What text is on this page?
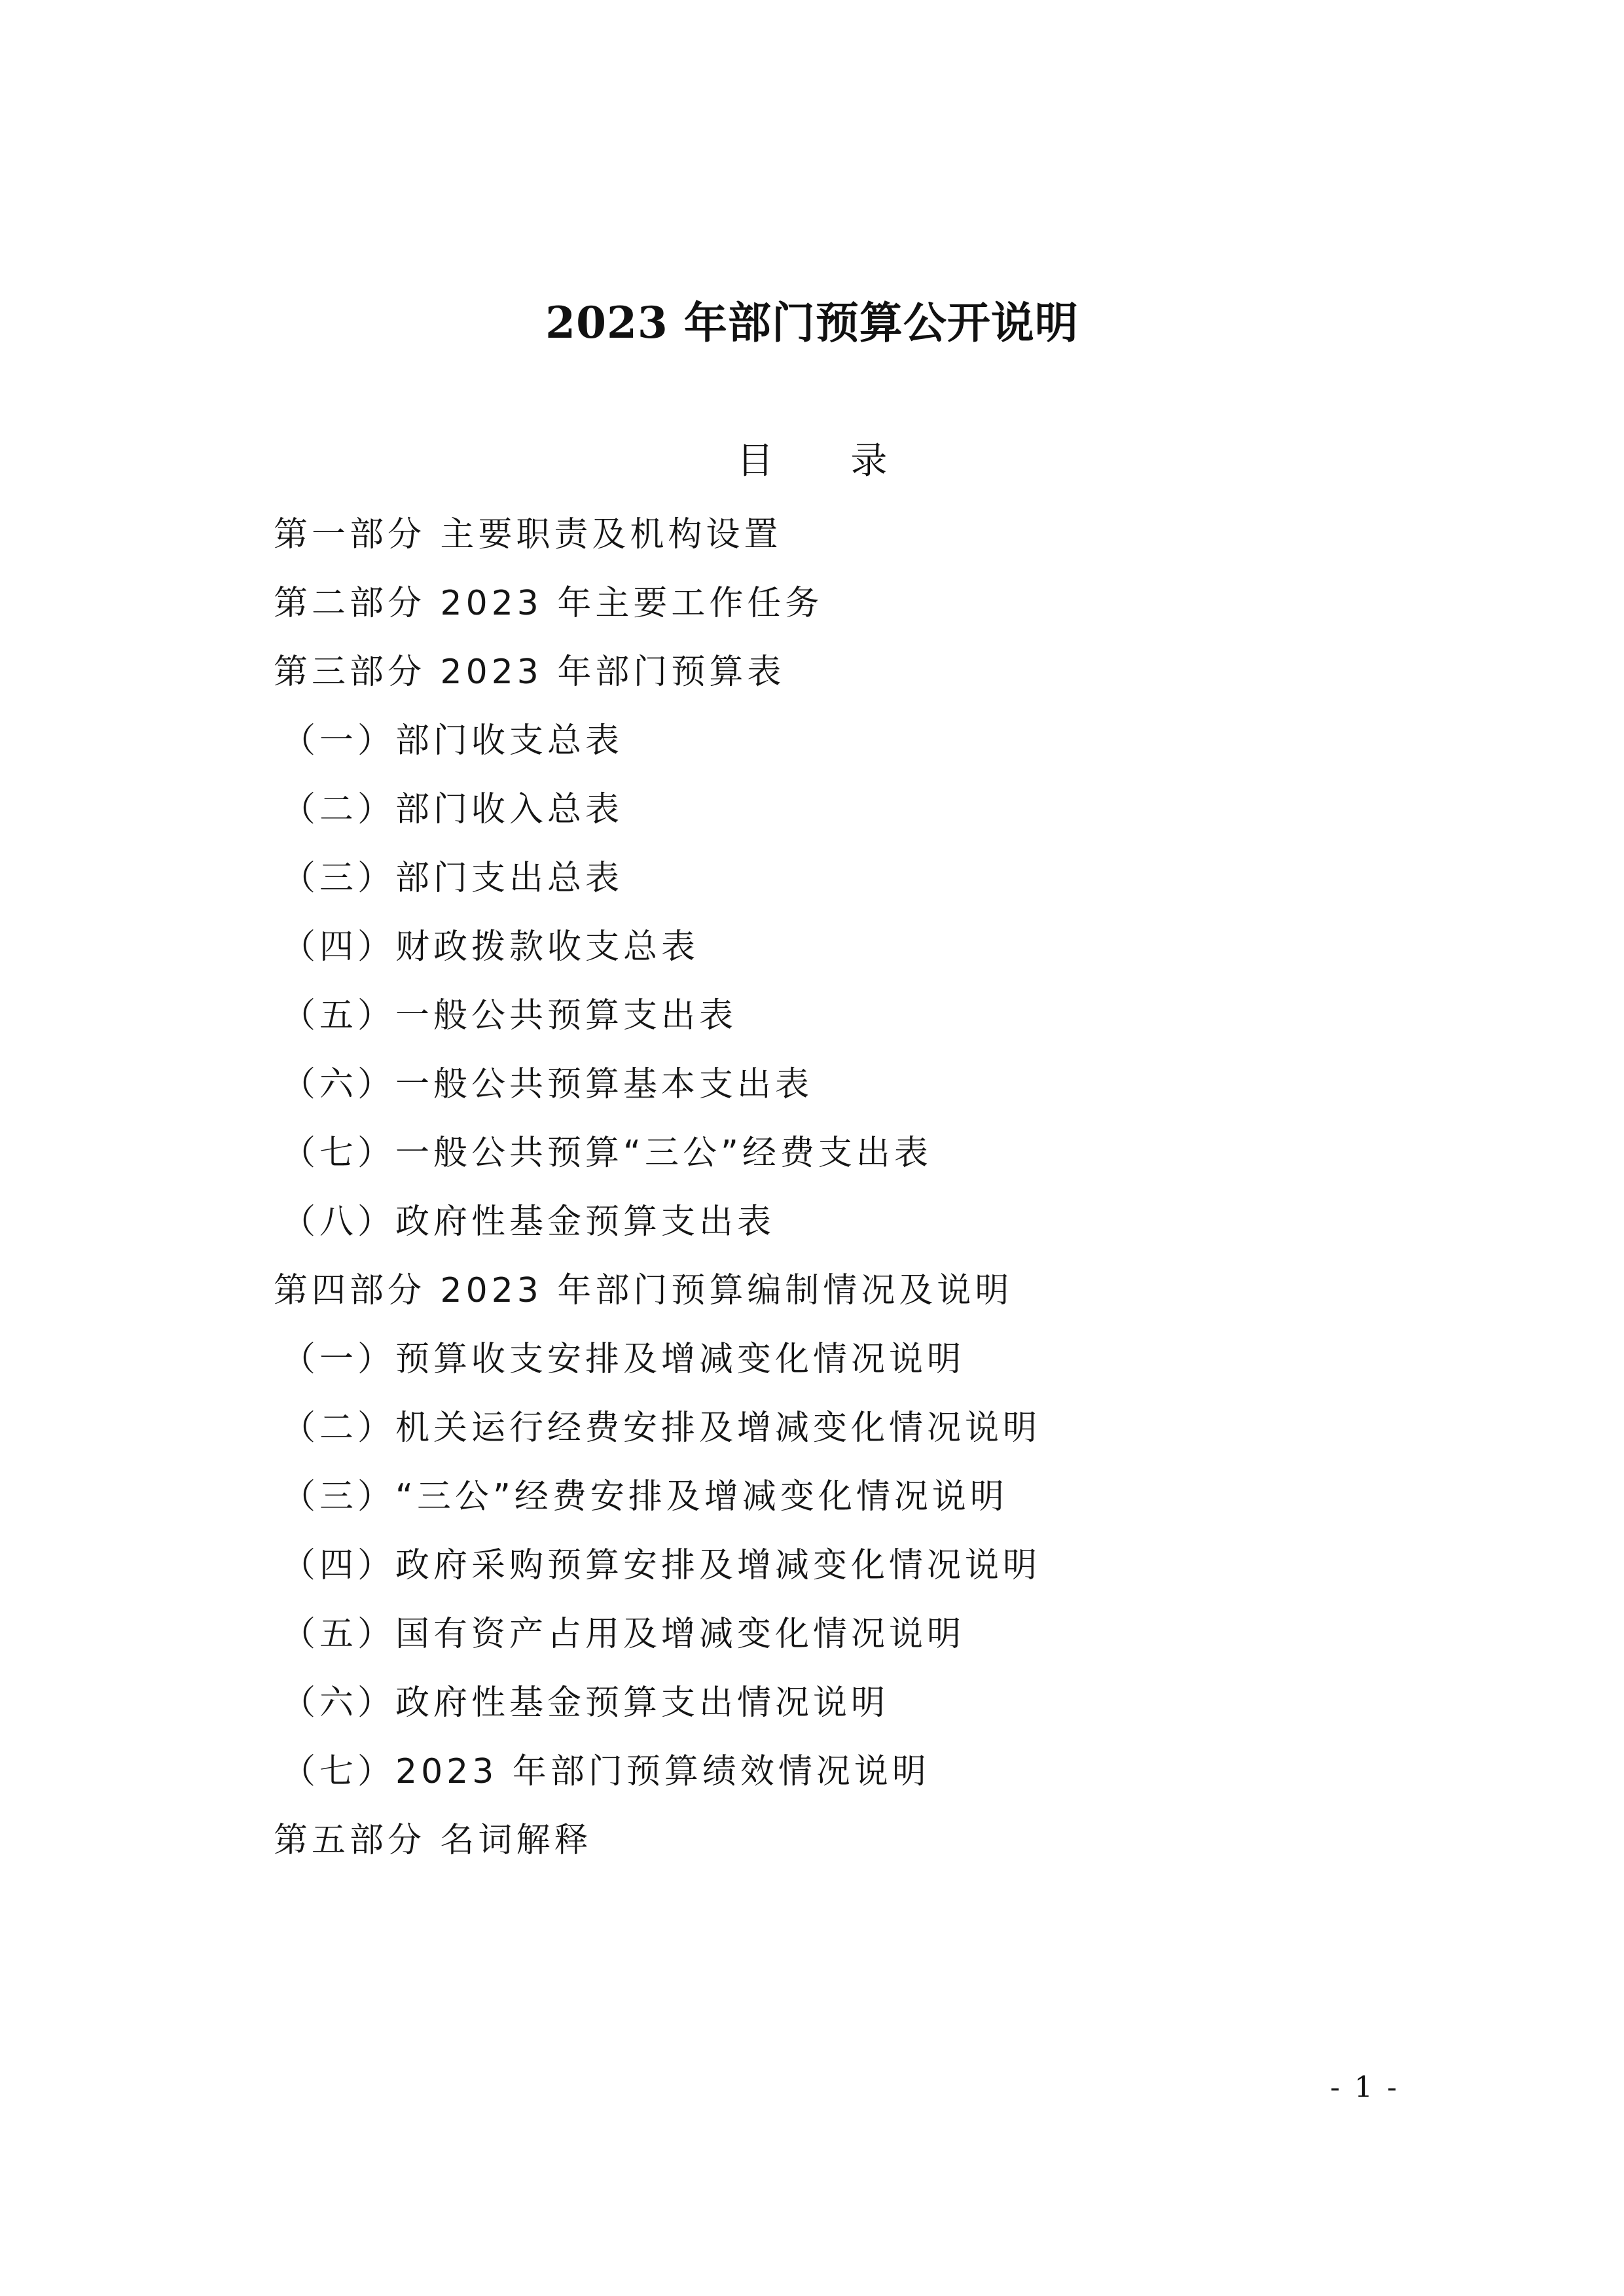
2023 年部门预算公开说明
目 录
第一部分 主要职责及机构设置
第二部分 2023 年主要工作任务
第三部分 2023 年部门预算表
（一）部门收支总表
（二）部门收入总表
（三）部门支出总表
（四）财政拨款收支总表
（五）一般公共预算支出表
（六）一般公共预算基本支出表
（七）一般公共预算“三公”经费支出表
（八）政府性基金预算支出表
第四部分 2023 年部门预算编制情况及说明
（一）预算收支安排及增减变化情况说明
（二）机关运行经费安排及增减变化情况说明
（三）“三公”经费安排及增减变化情况说明
（四）政府采购预算安排及增减变化情况说明
（五）国有资产占用及增减变化情况说明
（六）政府性基金预算支出情况说明
（七）2023 年部门预算绩效情况说明
第五部分 名词解释
- 1 -
